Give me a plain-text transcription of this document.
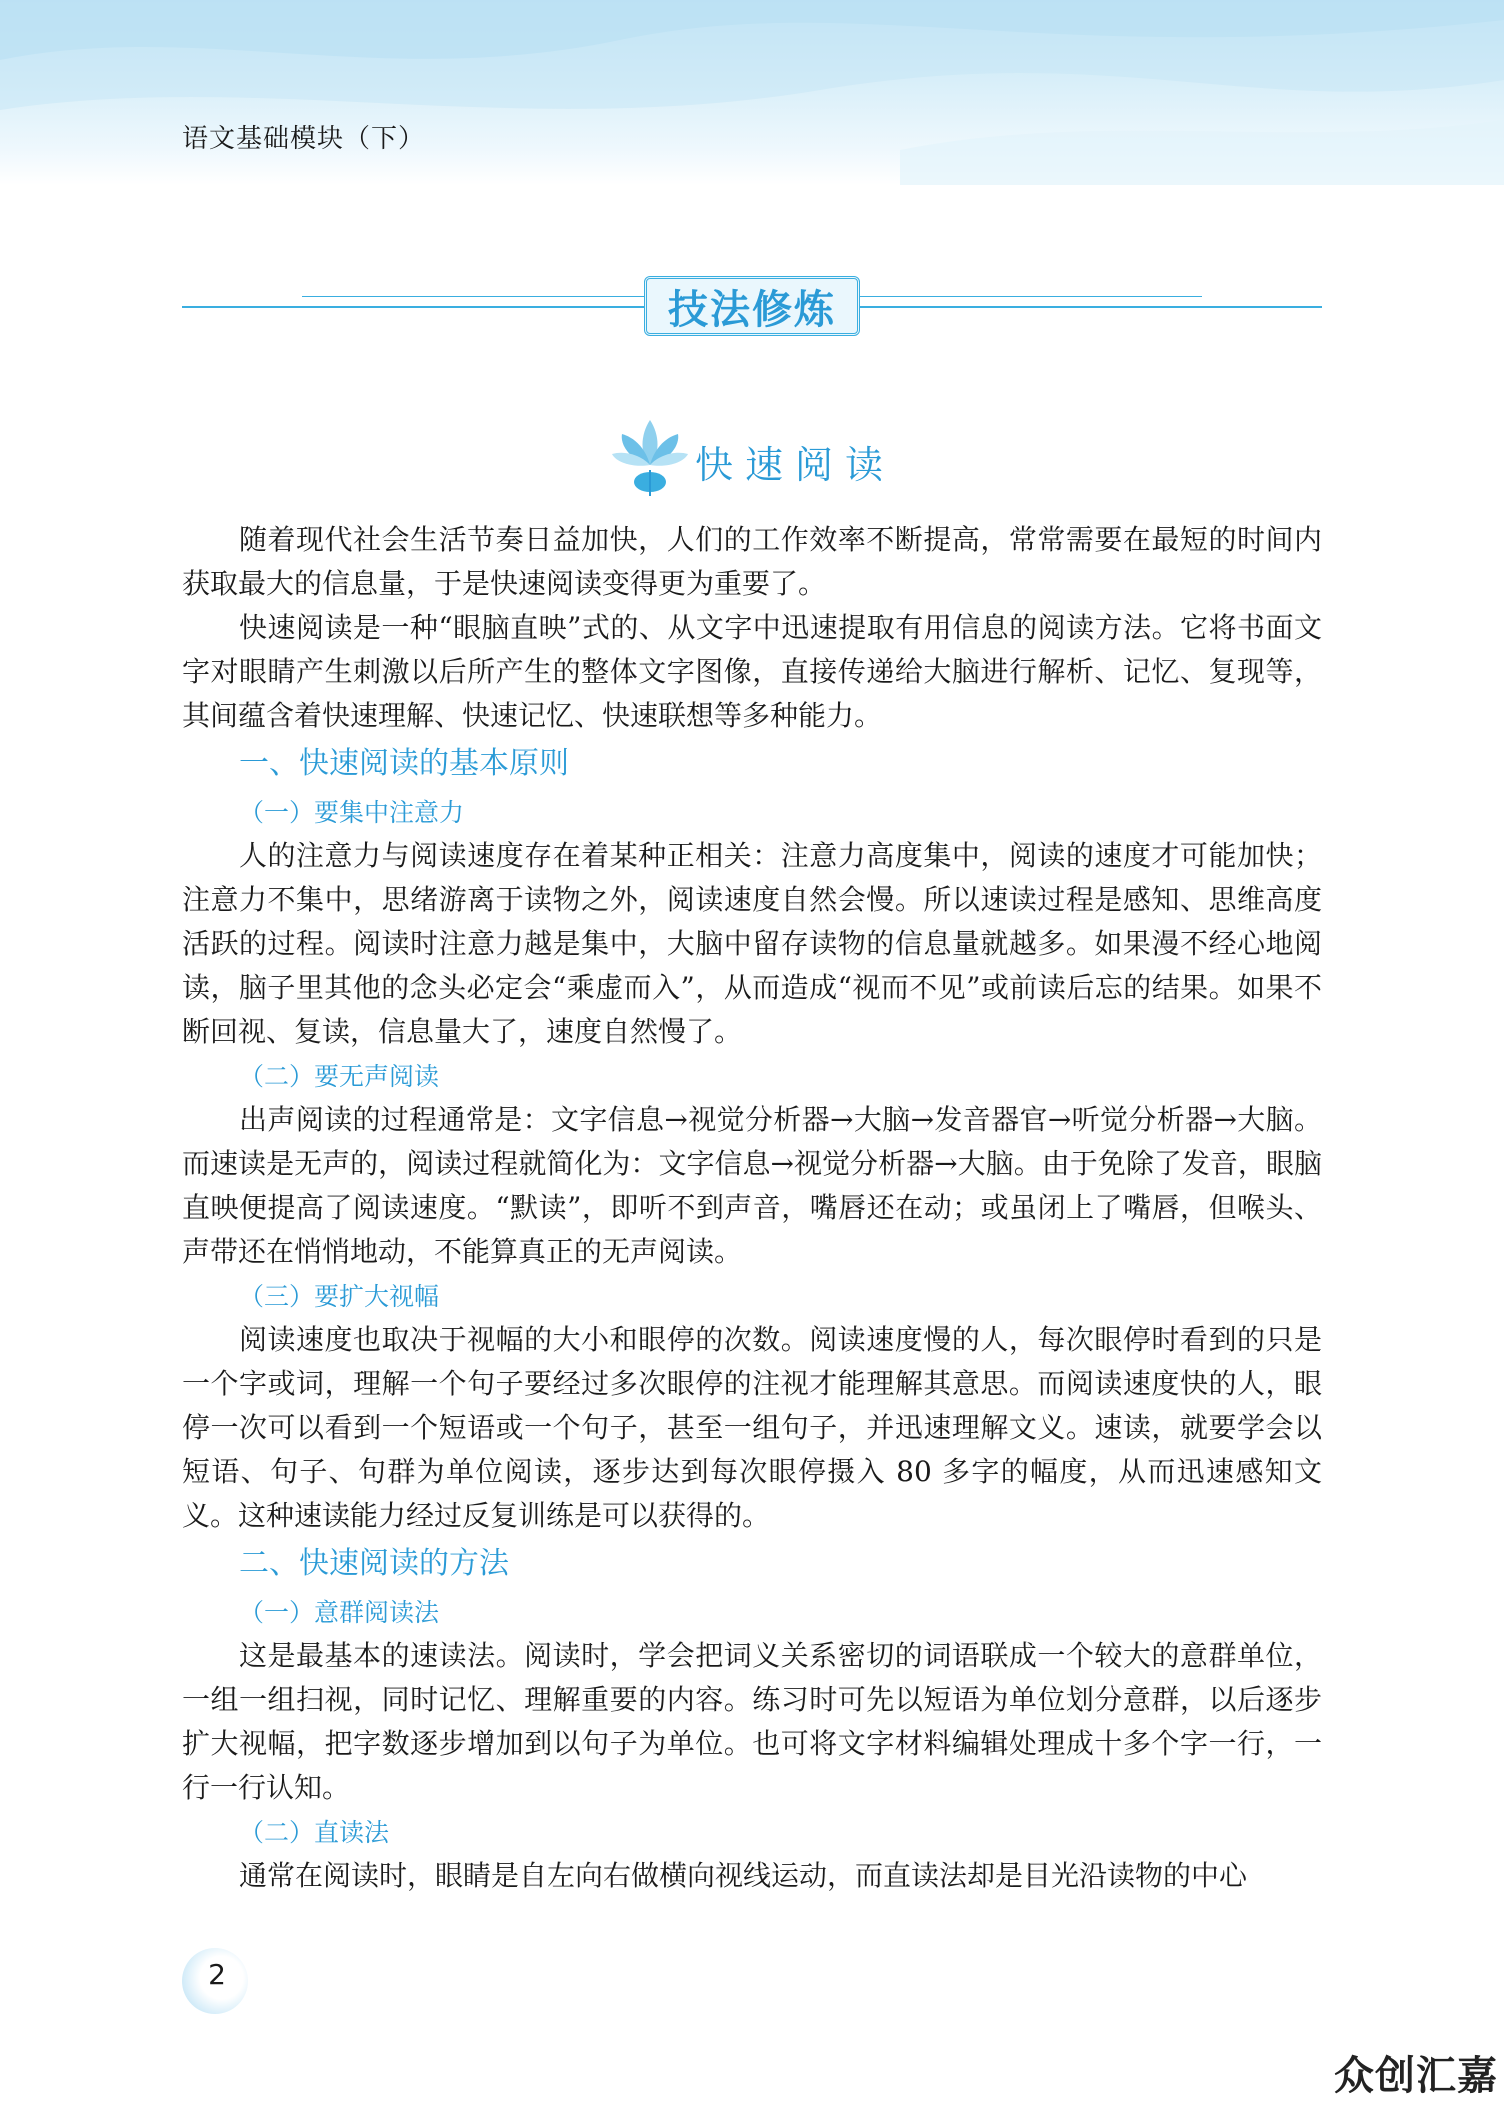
语文基础模块（下）
技法修炼
快速阅读

随着现代社会生活节奏日益加快，人们的工作效率不断提高，常常需要在最短的时间内获取最大的信息量，于是快速阅读变得更为重要了。

快速阅读是一种“眼脑直映”式的、从文字中迅速提取有用信息的阅读方法。它将书面文字对眼睛产生刺激以后所产生的整体文字图像，直接传递给大脑进行解析、记忆、复现等，其间蕴含着快速理解、快速记忆、快速联想等多种能力。

一、快速阅读的基本原则
（一）要集中注意力

人的注意力与阅读速度存在着某种正相关：注意力高度集中，阅读的速度才可能加快；注意力不集中，思绪游离于读物之外，阅读速度自然会慢。所以速读过程是感知、思维高度活跃的过程。阅读时注意力越是集中，大脑中留存读物的信息量就越多。如果漫不经心地阅读，脑子里其他的念头必定会“乘虚而入”，从而造成“视而不见”或前读后忘的结果。如果不断回视、复读，信息量大了，速度自然慢了。

（二）要无声阅读

出声阅读的过程通常是：文字信息→视觉分析器→大脑→发音器官→听觉分析器→大脑。而速读是无声的，阅读过程就简化为：文字信息→视觉分析器→大脑。由于免除了发音，眼脑直映便提高了阅读速度。“默读”，即听不到声音，嘴唇还在动；或虽闭上了嘴唇，但喉头、声带还在悄悄地动，不能算真正的无声阅读。

（三）要扩大视幅

阅读速度也取决于视幅的大小和眼停的次数。阅读速度慢的人，每次眼停时看到的只是一个字或词，理解一个句子要经过多次眼停的注视才能理解其意思。而阅读速度快的人，眼停一次可以看到一个短语或一个句子，甚至一组句子，并迅速理解文义。速读，就要学会以短语、句子、句群为单位阅读，逐步达到每次眼停摄入 80 多字的幅度，从而迅速感知文义。这种速读能力经过反复训练是可以获得的。

二、快速阅读的方法
（一）意群阅读法

这是最基本的速读法。阅读时，学会把词义关系密切的词语联成一个较大的意群单位，一组一组扫视，同时记忆、理解重要的内容。练习时可先以短语为单位划分意群，以后逐步扩大视幅，把字数逐步增加到以句子为单位。也可将文字材料编辑处理成十多个字一行，一行一行认知。

（二）直读法

通常在阅读时，眼睛是自左向右做横向视线运动，而直读法却是目光沿读物的中心

2
众创汇嘉
